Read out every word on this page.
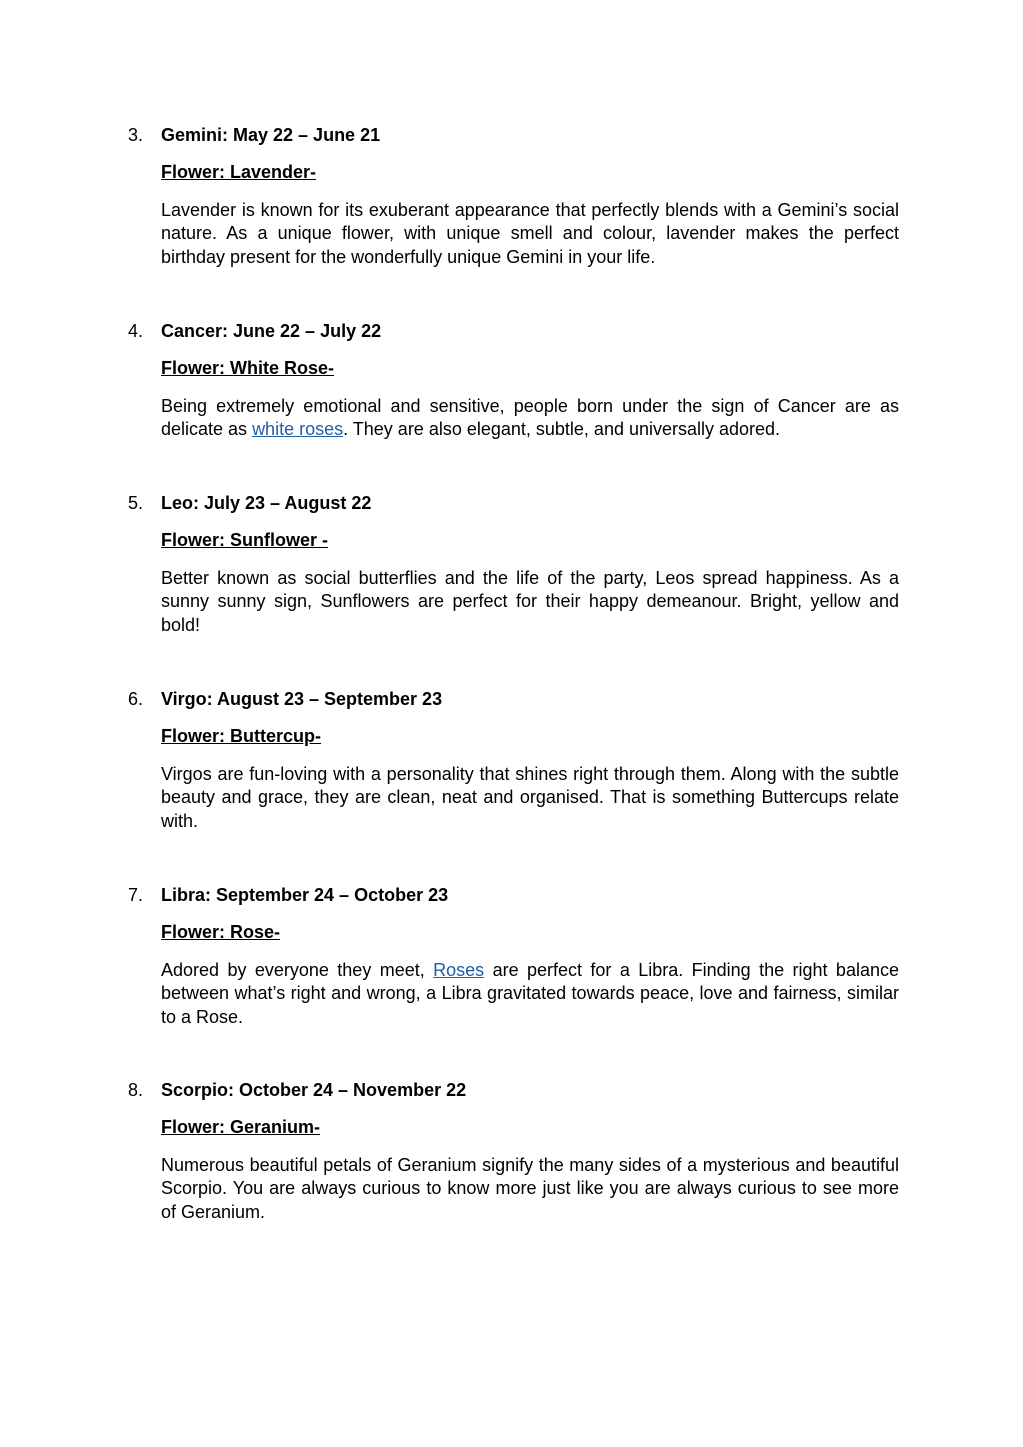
3. Gemini: May 22 – June 21
Flower: Lavender-

Lavender is known for its exuberant appearance that perfectly blends with a Gemini’s social nature. As a unique flower, with unique smell and colour, lavender makes the perfect birthday present for the wonderfully unique Gemini in your life.

4. Cancer: June 22 – July 22
Flower: White Rose-

Being extremely emotional and sensitive, people born under the sign of Cancer are as delicate as white roses. They are also elegant, subtle, and universally adored.

5. Leo: July 23 – August 22
Flower: Sunflower -

Better known as social butterflies and the life of the party, Leos spread happiness. As a sunny sunny sign, Sunflowers are perfect for their happy demeanour. Bright, yellow and bold!

6. Virgo: August 23 – September 23
Flower: Buttercup-

Virgos are fun-loving with a personality that shines right through them. Along with the subtle beauty and grace, they are clean, neat and organised. That is something Buttercups relate with.

7. Libra: September 24 – October 23
Flower: Rose-

Adored by everyone they meet, Roses are perfect for a Libra. Finding the right balance between what’s right and wrong, a Libra gravitated towards peace, love and fairness, similar to a Rose.

8. Scorpio: October 24 – November 22
Flower: Geranium-

Numerous beautiful petals of Geranium signify the many sides of a mysterious and beautiful Scorpio. You are always curious to know more just like you are always curious to see more of Geranium.
